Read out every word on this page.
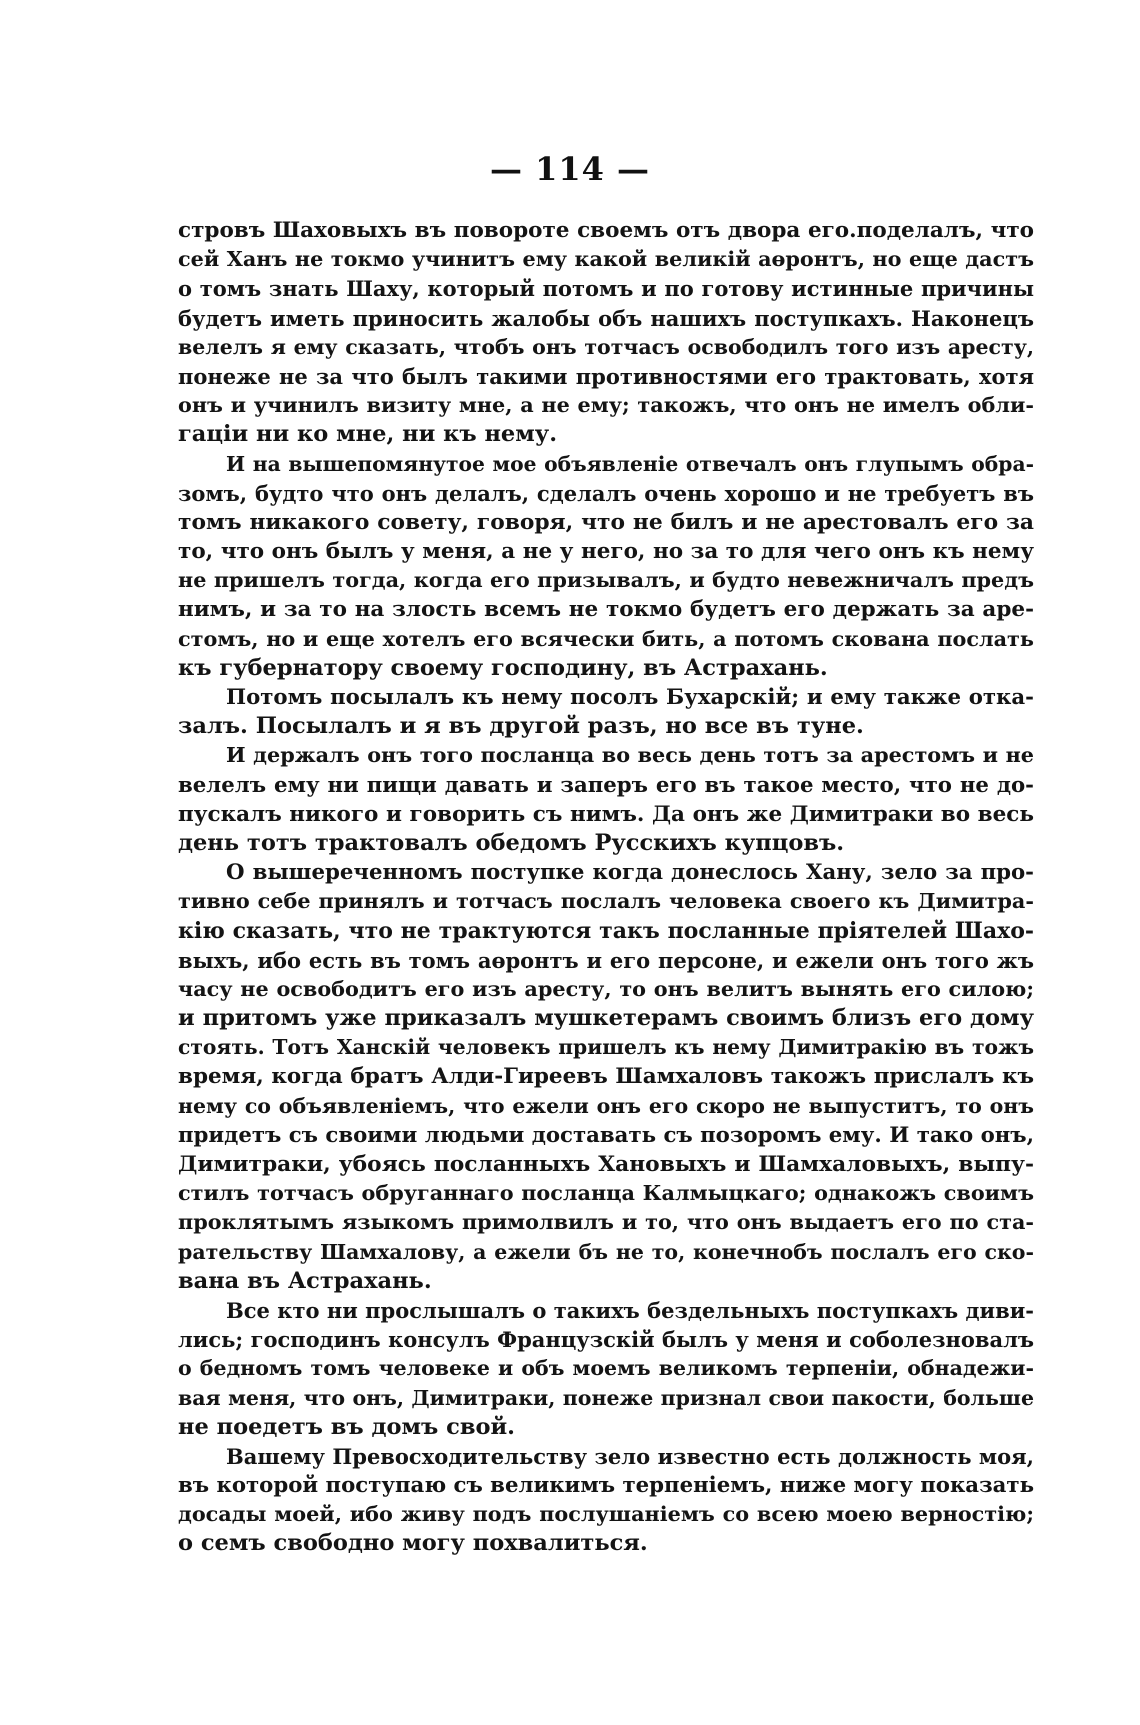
— 114 —
стровъ Шаховыхъ въ повороте своемъ отъ двора его.поделалъ, что
сей Ханъ не токмо учинитъ ему какой великiй аөронтъ, но еще дастъ
о томъ знать Шаху, который потомъ и по готову истинные причины
будетъ иметь приносить жалобы объ нашихъ поступкахъ. Наконецъ
велелъ я ему сказать, чтобъ онъ тотчасъ освободилъ того изъ аресту,
понеже не за что былъ такими противностями его трактовать, хотя
онъ и учинилъ визиту мне, а не ему; такожъ, что онъ не имелъ обли-
гацiи ни ко мне, ни къ нему.
И на вышепомянутое мое объявленiе отвечалъ онъ глупымъ обра-
зомъ, будто что онъ делалъ, сделалъ очень хорошо и не требуетъ въ
томъ никакого совету, говоря, что не билъ и не арестовалъ его за
то, что онъ былъ у меня, а не у него, но за то для чего онъ къ нему
не пришелъ тогда, когда его призывалъ, и будто невежничалъ предъ
нимъ, и за то на злость всемъ не токмо будетъ его держать за аре-
стомъ, но и еще хотелъ его всячески бить, а потомъ скована послать
къ губернатору своему господину, въ Астрахань.
Потомъ посылалъ къ нему посолъ Бухарскiй; и ему также отка-
залъ. Посылалъ и я въ другой разъ, но все въ туне.
И держалъ онъ того посланца во весь день тотъ за арестомъ и не
велелъ ему ни пищи давать и заперъ его въ такое место, что не до-
пускалъ никого и говорить съ нимъ. Да онъ же Димитраки во весь
день тотъ трактовалъ обедомъ Русскихъ купцовъ.
О вышереченномъ поступке когда донеслось Хану, зело за про-
тивно себе принялъ и тотчасъ послалъ человека своего къ Димитра-
кiю сказать, что не трактуются такъ посланные прiятелей Шахо-
выхъ, ибо есть въ томъ аөронтъ и его персоне, и ежели онъ того жъ
часу не освободитъ его изъ аресту, то онъ велитъ вынять его силою;
и притомъ уже приказалъ мушкетерамъ своимъ близъ его дому
стоять. Тотъ Ханскiй человекъ пришелъ къ нему Димитракiю въ тожъ
время, когда братъ Алди-Гиреевъ Шамхаловъ такожъ прислалъ къ
нему со объявленiемъ, что ежели онъ его скоро не выпуститъ, то онъ
придетъ съ своими людьми доставать съ позоромъ ему. И тако онъ,
Димитраки, убоясь посланныхъ Хановыхъ и Шамхаловыхъ, выпу-
стилъ тотчасъ обруганнаго посланца Калмыцкаго; однакожъ своимъ
проклятымъ языкомъ примолвилъ и то, что онъ выдаетъ его по ста-
рательству Шамхалову, а ежели бъ не то, конечнобъ послалъ его ско-
вана въ Астрахань.
Все кто ни прослышалъ о такихъ бездельныхъ поступкахъ диви-
лись; господинъ консулъ Французскiй былъ у меня и соболезновалъ
о бедномъ томъ человеке и объ моемъ великомъ терпенiи, обнадежи-
вая меня, что онъ, Димитраки, понеже признал свои пакости, больше
не поедетъ въ домъ свой.
Вашему Превосходительству зело известно есть должность моя,
въ которой поступаю съ великимъ терпенiемъ, ниже могу показать
досады моей, ибо живу подъ послушанiемъ со всею моею верностiю;
о семъ свободно могу похвалиться.
